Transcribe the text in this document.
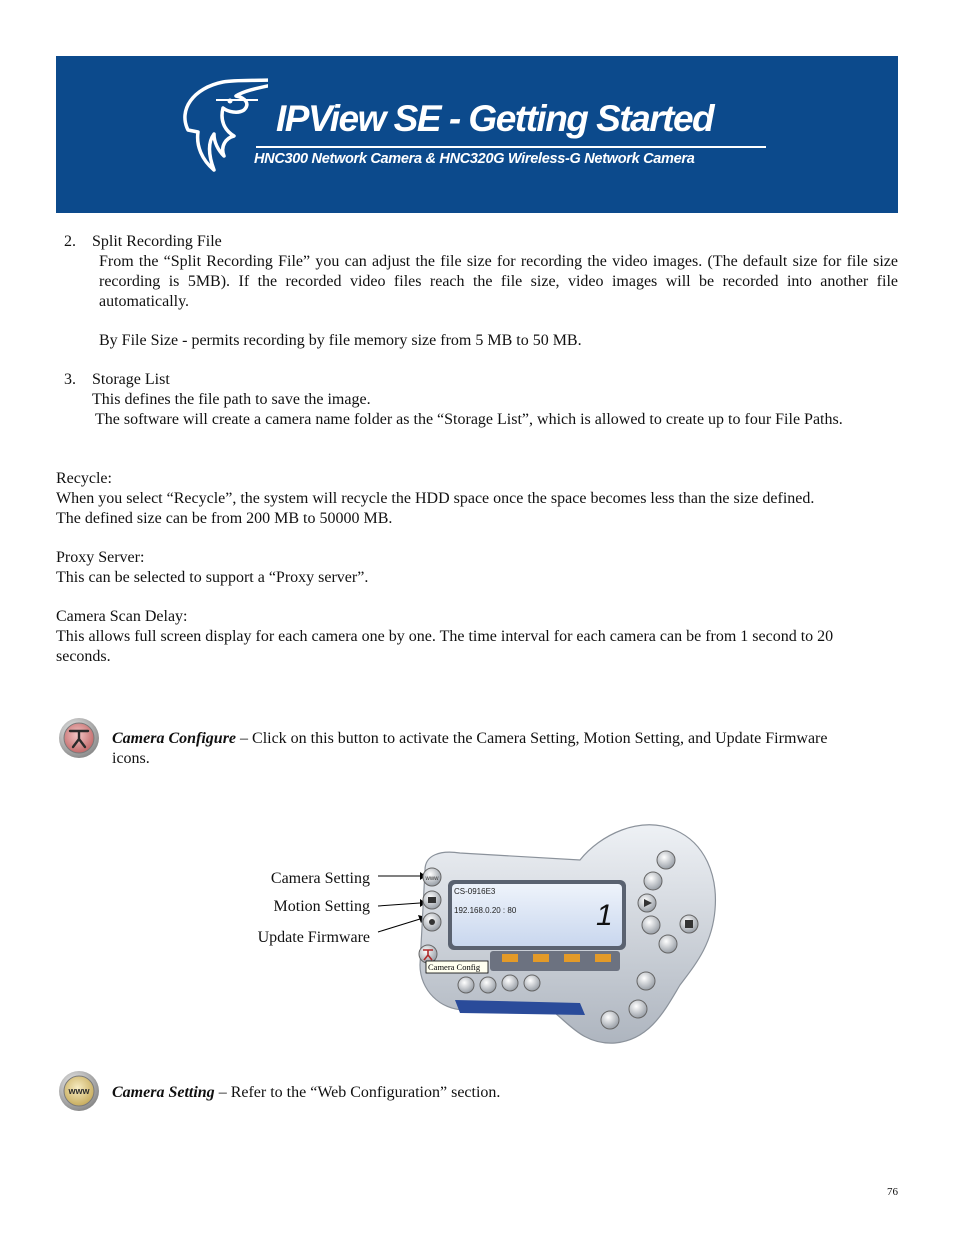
IPView SE - Getting Started
HNC300 Network Camera & HNC320G Wireless-G Network Camera
2. Split Recording File
From the “Split Recording File” you can adjust the file size for recording the video images. (The default size for file size recording is 5MB). If the recorded video files reach the file size, video images will be recorded into another file automatically.
By File Size - permits recording by file memory size from 5 MB to 50 MB.
3. Storage List
This defines the file path to save the image.
The software will create a camera name folder as the “Storage List”, which is allowed to create up to four File Paths.
Recycle:
When you select “Recycle”, the system will recycle the HDD space once the space becomes less than the size defined.
The defined size can be from 200 MB to 50000 MB.
Proxy Server:
This can be selected to support a “Proxy server”.
Camera Scan Delay:
This allows full screen display for each camera one by one. The time interval for each camera can be from 1 second to 20
seconds.
Camera Configure – Click on this button to activate the Camera Setting, Motion Setting, and Update Firmware
icons.
Camera Setting
Motion Setting
Update Firmware
CS-0916E3
192.168.0.20 : 80	1
www
Camera Config
www Camera Setting – Refer to the “Web Configuration” section.
76
